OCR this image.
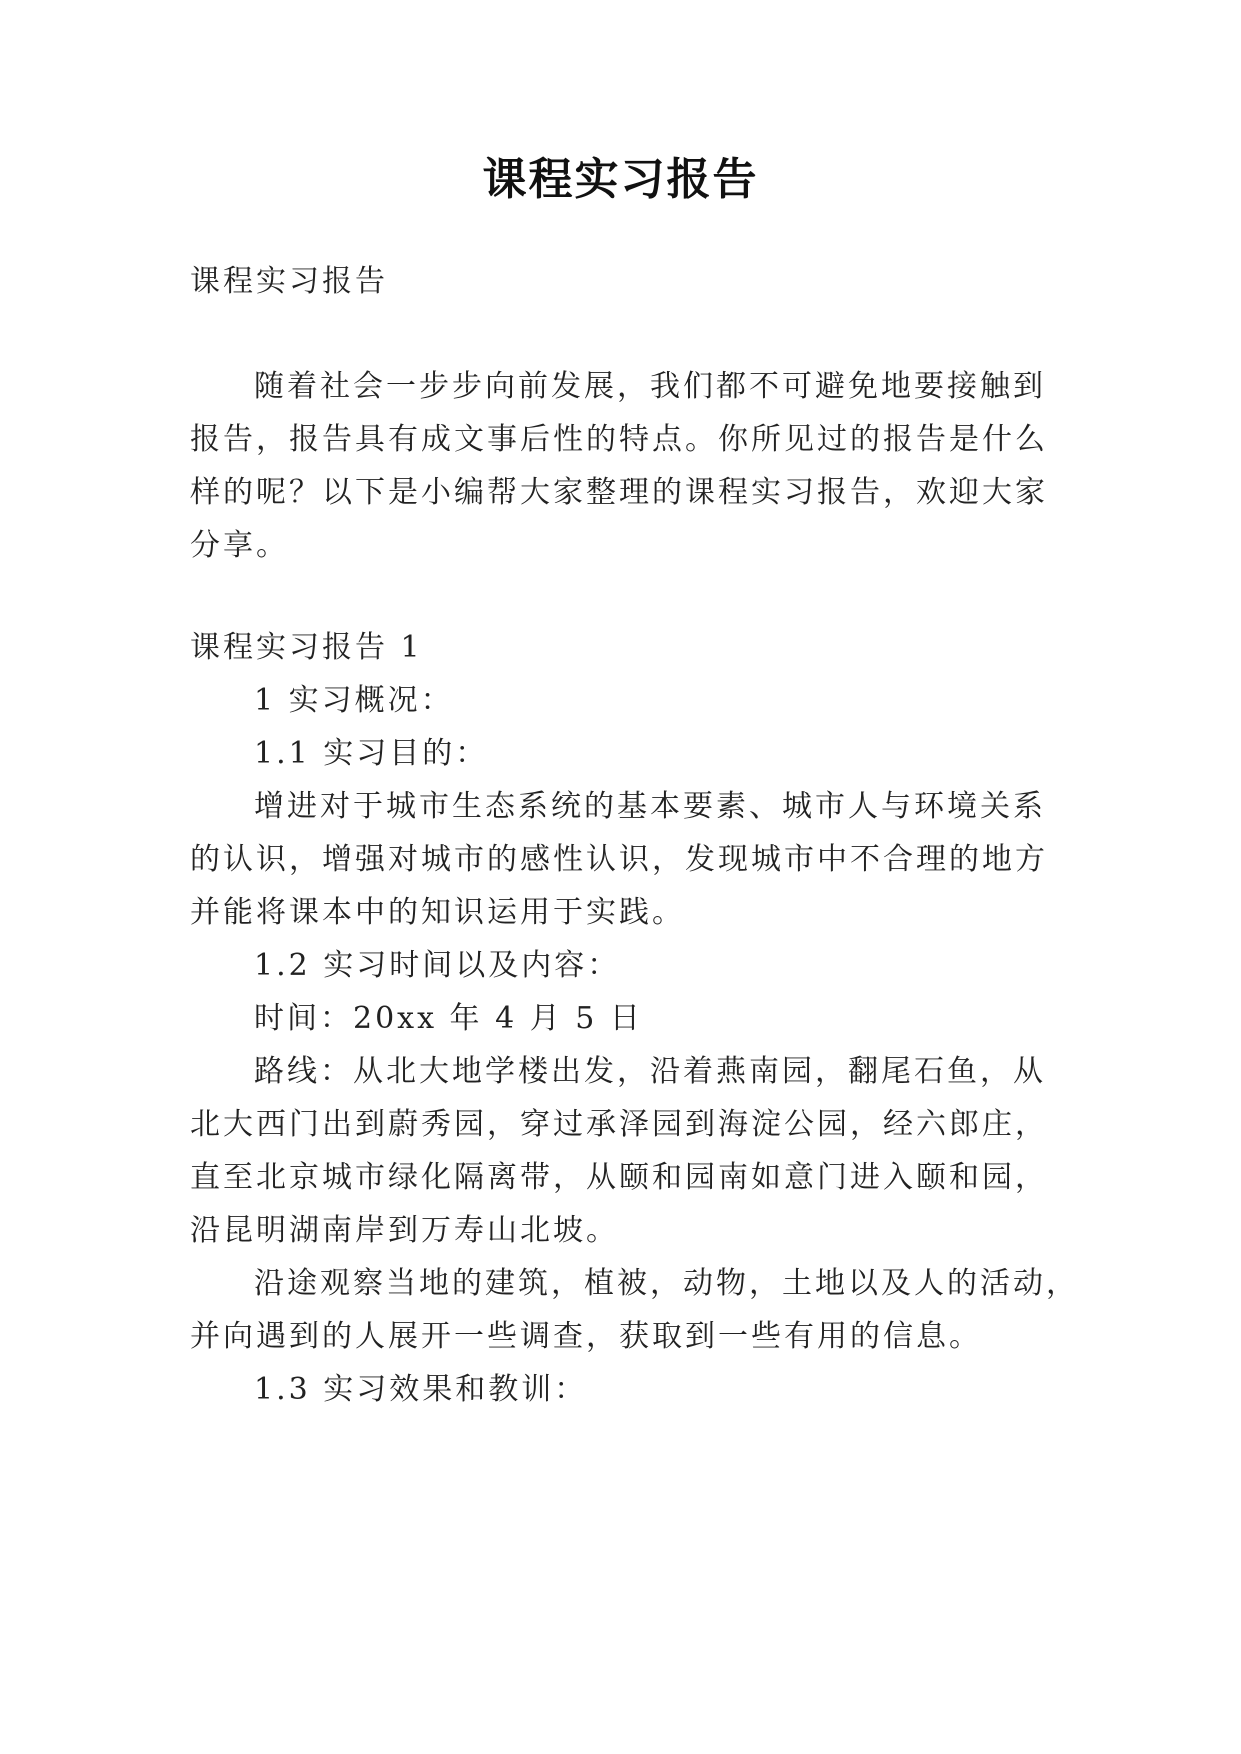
课程实习报告
课程实习报告
随着社会一步步向前发展，我们都不可避免地要接触到
报告，报告具有成文事后性的特点。你所见过的报告是什么
样的呢？以下是小编帮大家整理的课程实习报告，欢迎大家
分享。
课程实习报告 1
1 实习概况：
1.1 实习目的：
增进对于城市生态系统的基本要素、城市人与环境关系
的认识，增强对城市的感性认识，发现城市中不合理的地方
并能将课本中的知识运用于实践。
1.2 实习时间以及内容：
时间：20xx 年 4 月 5 日
路线：从北大地学楼出发，沿着燕南园，翻尾石鱼，从
北大西门出到蔚秀园，穿过承泽园到海淀公园，经六郎庄，
直至北京城市绿化隔离带，从颐和园南如意门进入颐和园，
沿昆明湖南岸到万寿山北坡。
沿途观察当地的建筑，植被，动物，土地以及人的活动，
并向遇到的人展开一些调查，获取到一些有用的信息。
1.3 实习效果和教训：
